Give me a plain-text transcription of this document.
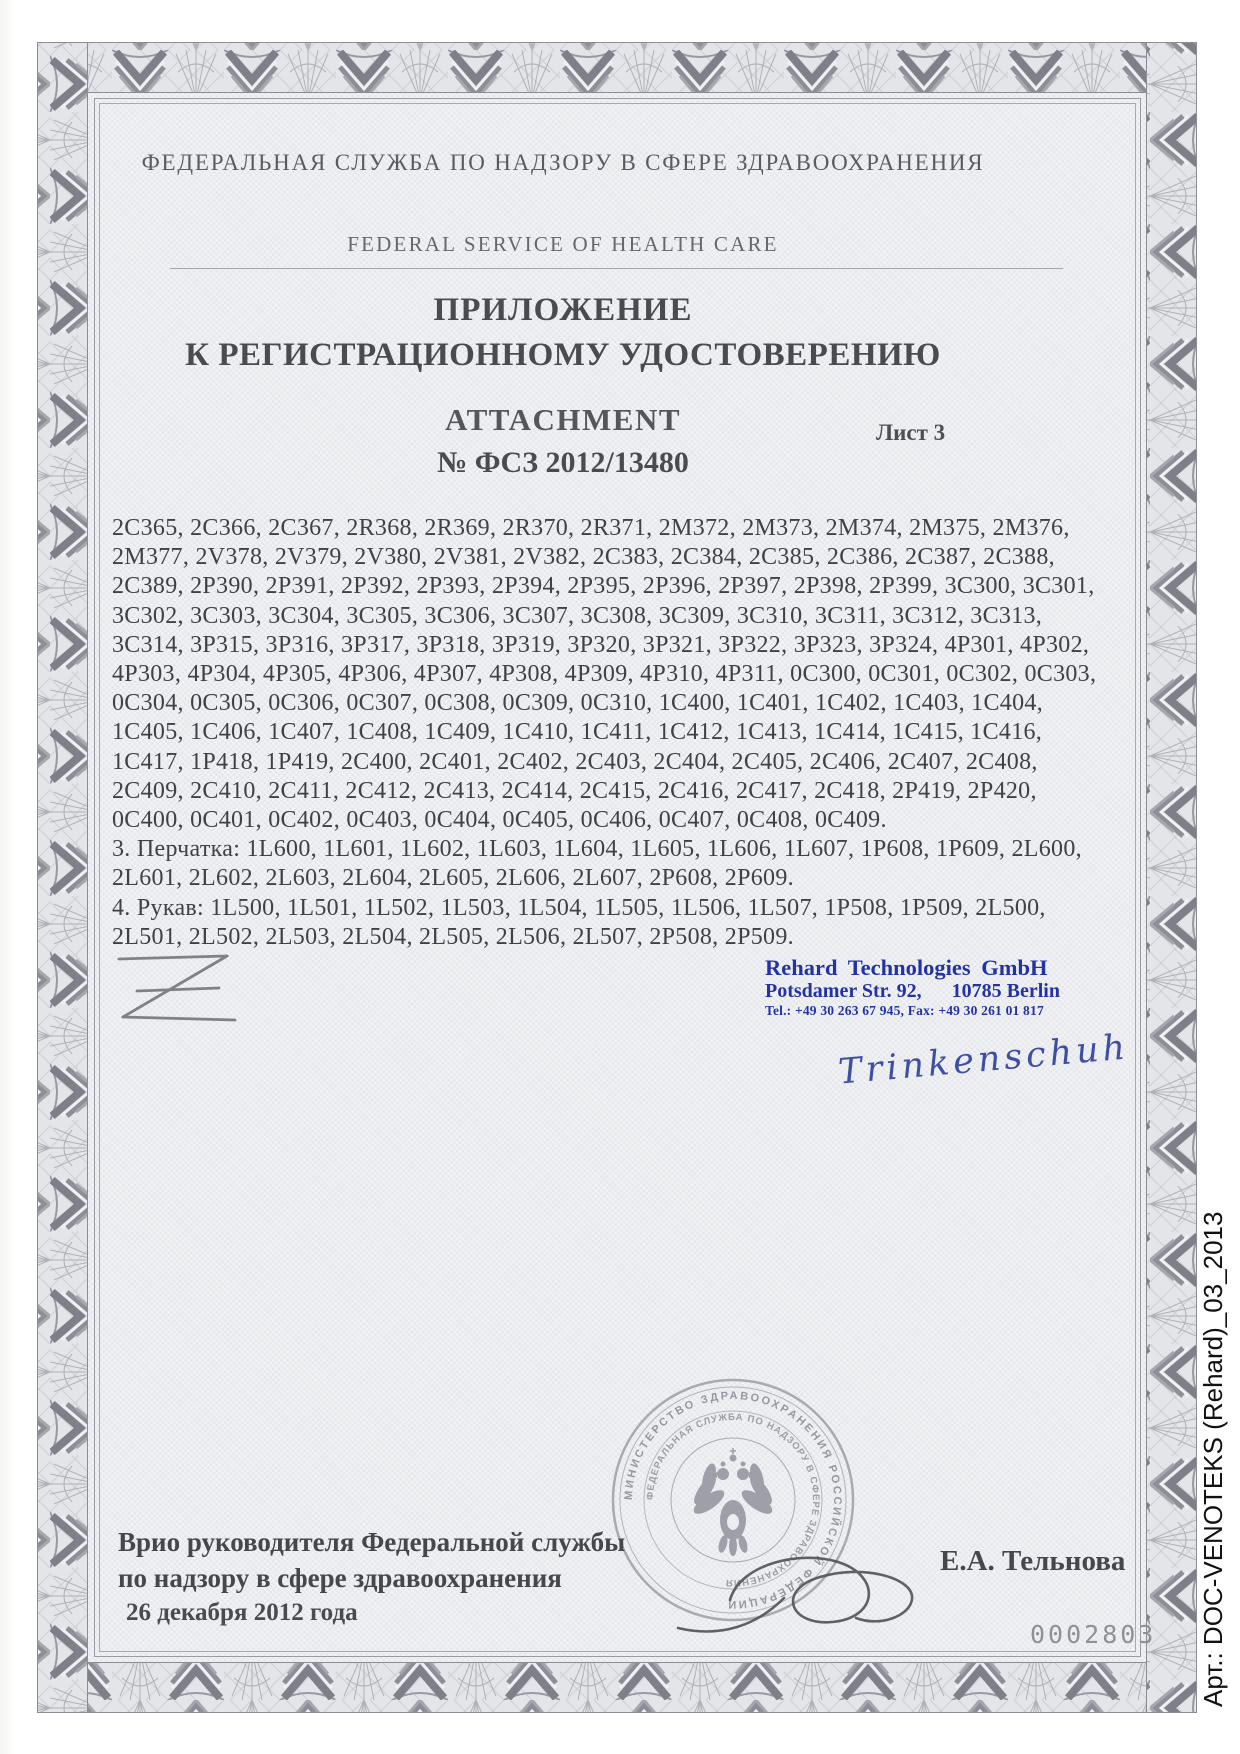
МИНИСТЕРСТВО ЗДРАВООХРАНЕНИЯ РОССИЙСКОЙ ФЕДЕРАЦИИ
ФЕДЕРАЛЬНАЯ СЛУЖБА ПО НАДЗОРУ В СФЕРЕ ЗДРАВООХРАНЕНИЯ
ФЕДЕРАЛЬНАЯ СЛУЖБА ПО НАДЗОРУ В СФЕРЕ ЗДРАВООХРАНЕНИЯ
FEDERAL SERVICE OF HEALTH CARE
ПРИЛОЖЕНИЕ
К РЕГИСТРАЦИОННОМУ УДОСТОВЕРЕНИЮ
ATTACHMENT	Лист 3
№ ФСЗ 2012/13480
2C365, 2C366, 2C367, 2R368, 2R369, 2R370, 2R371, 2M372, 2M373, 2M374, 2M375, 2M376,
2M377, 2V378, 2V379, 2V380, 2V381, 2V382, 2C383, 2C384, 2C385, 2C386, 2C387, 2C388,
2C389, 2P390, 2P391, 2P392, 2P393, 2P394, 2P395, 2P396, 2P397, 2P398, 2P399, 3C300, 3C301,
3C302, 3C303, 3C304, 3C305, 3C306, 3C307, 3C308, 3C309, 3C310, 3C311, 3C312, 3C313,
3C314, 3P315, 3P316, 3P317, 3P318, 3P319, 3P320, 3P321, 3P322, 3P323, 3P324, 4P301, 4P302,
4P303, 4P304, 4P305, 4P306, 4P307, 4P308, 4P309, 4P310, 4P311, 0C300, 0C301, 0C302, 0C303,
0C304, 0C305, 0C306, 0C307, 0C308, 0C309, 0C310, 1C400, 1C401, 1C402, 1C403, 1C404,
1C405, 1C406, 1C407, 1C408, 1C409, 1C410, 1C411, 1C412, 1C413, 1C414, 1C415, 1C416,
1C417, 1P418, 1P419, 2C400, 2C401, 2C402, 2C403, 2C404, 2C405, 2C406, 2C407, 2C408,
2C409, 2C410, 2C411, 2C412, 2C413, 2C414, 2C415, 2C416, 2C417, 2C418, 2P419, 2P420,
0C400, 0C401, 0C402, 0C403, 0C404, 0C405, 0C406, 0C407, 0C408, 0C409.
3. Перчатка: 1L600, 1L601, 1L602, 1L603, 1L604, 1L605, 1L606, 1L607, 1P608, 1P609, 2L600,
2L601, 2L602, 2L603, 2L604, 2L605, 2L606, 2L607, 2P608, 2P609.
4. Рукав: 1L500, 1L501, 1L502, 1L503, 1L504, 1L505, 1L506, 1L507, 1P508, 1P509, 2L500,
2L501, 2L502, 2L503, 2L504, 2L505, 2L506, 2L507, 2P508, 2P509.
Rehard Technologies GmbH
Potsdamer Str. 92,      10785 Berlin
Tel.: +49 30 263 67 945, Fax: +49 30 261 01 817
Trinkenschuh
Врио руководителя Федеральной службы
по надзору в сфере здравоохранения
26 декабря 2012 года
Е.А. Тельнова
0002803 Арт.: DOC-VENOTEKS (Rehard)_03_2013
